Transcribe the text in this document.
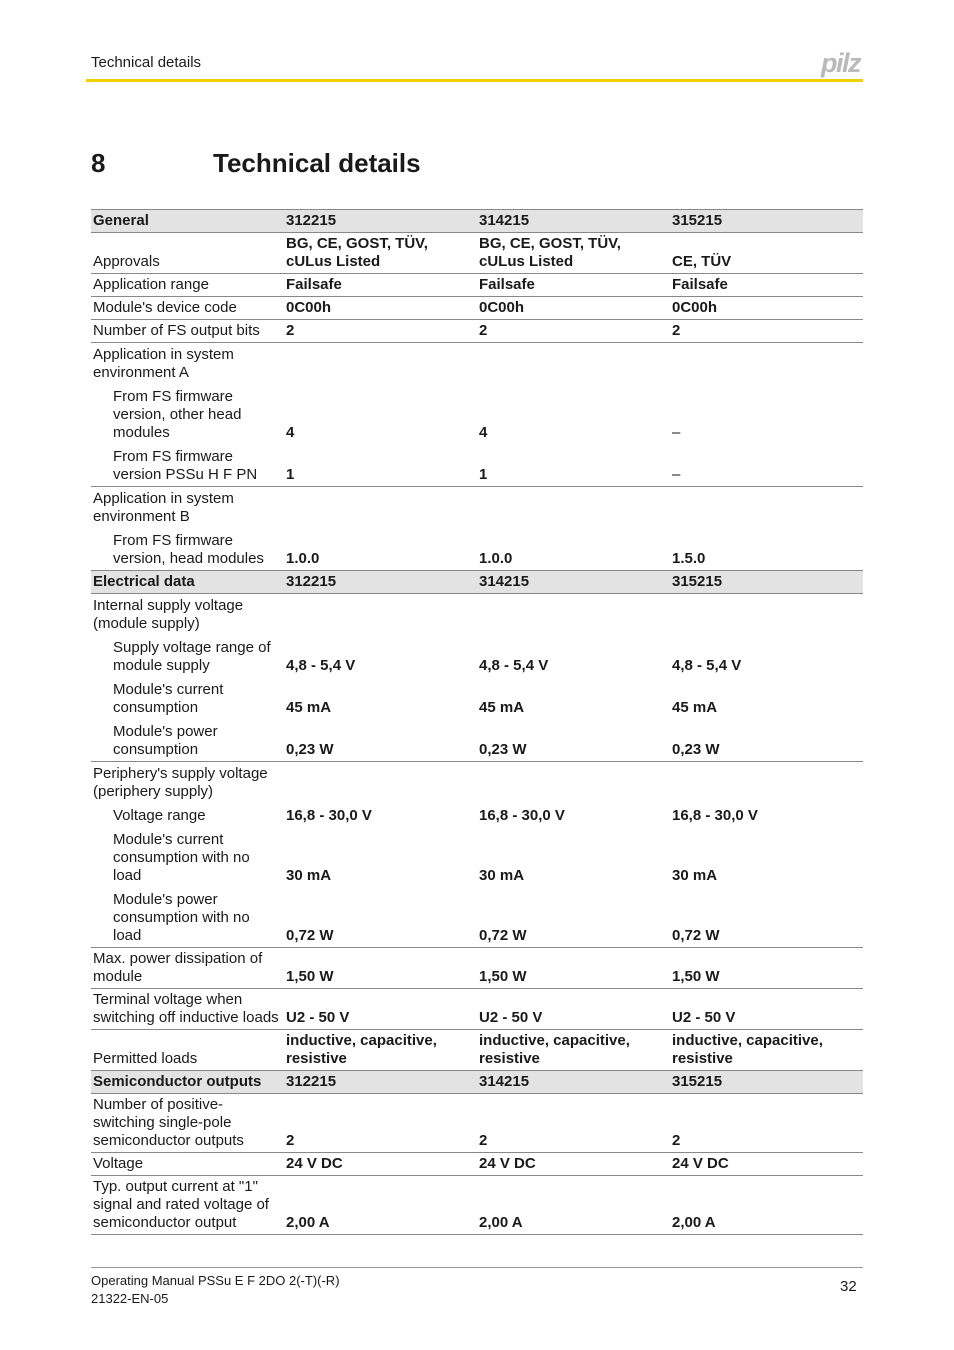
Technical details	pilz
8	Technical details
General	312215	314215	315215
Approvals	BG, CE, GOST, TÜV, cULus Listed	BG, CE, GOST, TÜV, cULus Listed	CE, TÜV
Application range	Failsafe	Failsafe	Failsafe
Module's device code	0C00h	0C00h	0C00h
Number of FS output bits	2	2	2
Application in system environment A			
From FS firmware version, other head modules	4	4	–
From FS firmware version PSSu H F PN	1	1	–
Application in system environment B			
From FS firmware version, head modules	1.0.0	1.0.0	1.5.0
Electrical data	312215	314215	315215
Internal supply voltage (module supply)			
Supply voltage range of module supply	4,8 - 5,4 V	4,8 - 5,4 V	4,8 - 5,4 V
Module's current consumption	45 mA	45 mA	45 mA
Module's power consumption	0,23 W	0,23 W	0,23 W
Periphery's supply voltage (periphery supply)			
Voltage range	16,8 - 30,0 V	16,8 - 30,0 V	16,8 - 30,0 V
Module's current consumption with no load	30 mA	30 mA	30 mA
Module's power consumption with no load	0,72 W	0,72 W	0,72 W
Max. power dissipation of module	1,50 W	1,50 W	1,50 W
Terminal voltage when switching off inductive loads	U2 - 50 V	U2 - 50 V	U2 - 50 V
Permitted loads	inductive, capacitive, resistive	inductive, capacitive, resistive	inductive, capacitive, resistive
Semiconductor outputs	312215	314215	315215
Number of positive-switching single-pole semiconductor outputs	2	2	2
Voltage	24 V DC	24 V DC	24 V DC
Typ. output current at "1" signal and rated voltage of semiconductor output	2,00 A	2,00 A	2,00 A
Operating Manual PSSu E F 2DO 2(-T)(-R)
21322-EN-05
32
